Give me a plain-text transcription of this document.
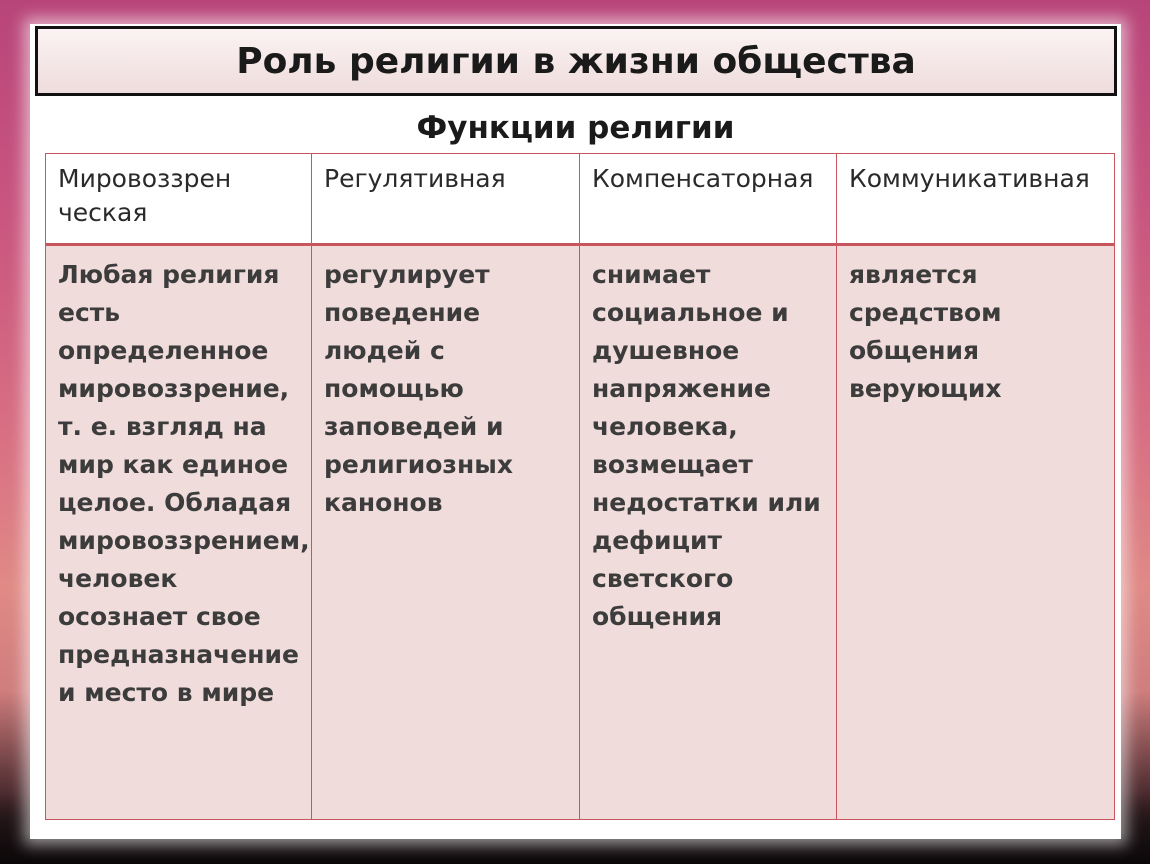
Роль религии в жизни общества
Функции религии
Мировоззрен ческая	Регулятивная	Компенсаторная	Коммуникативная
Любая религия есть определенное мировоззрение, т. е. взгляд на мир как единое целое. Обладая мировоззрением, человек осознает свое предназначение и место в мире	регулирует поведение людей с помощью заповедей и религиозных канонов	снимает социальное и душевное напряжение человека, возмещает недостатки или дефицит светского общения	является средством общения верующих
